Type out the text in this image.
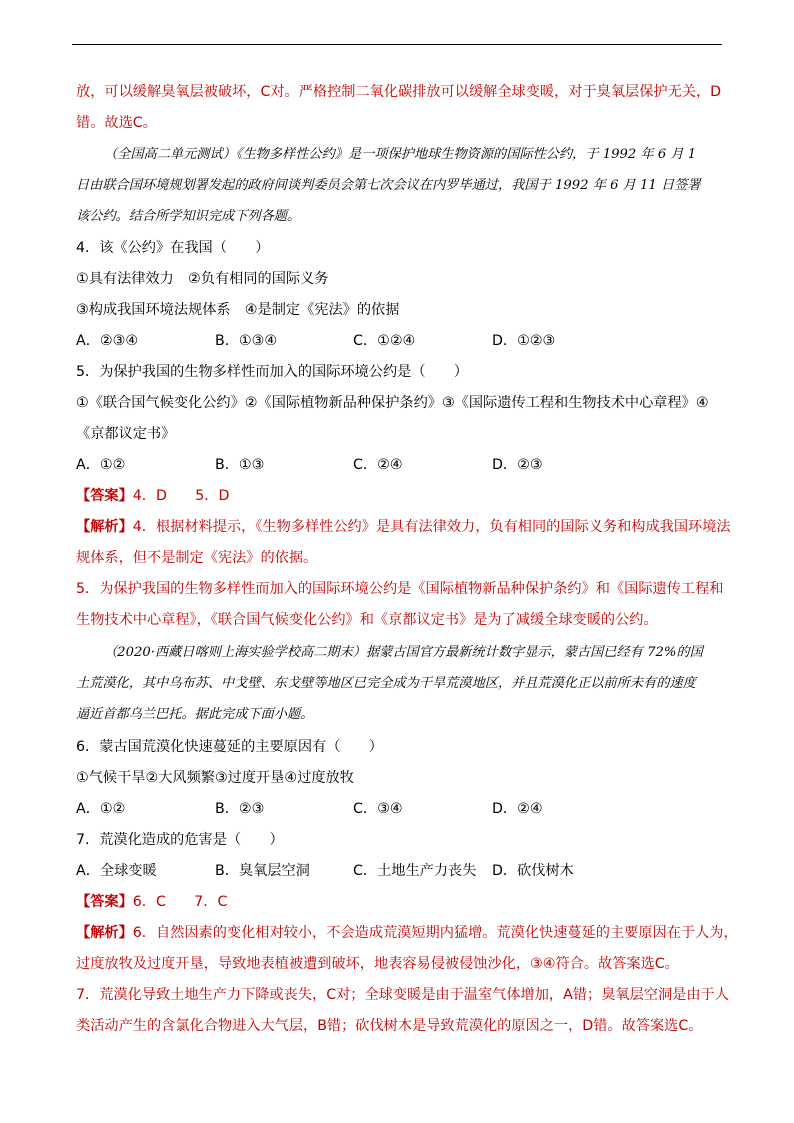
放，可以缓解臭氧层被破坏，C对。严格控制二氧化碳排放可以缓解全球变暖，对于臭氧层保护无关，D
错。故选C。
（全国高二单元测试）《生物多样性公约》是一项保护地球生物资源的国际性公约，于 1992 年 6 月 1
日由联合国环境规划署发起的政府间谈判委员会第七次会议在内罗毕通过，我国于 1992 年 6 月 11 日签署
该公约。结合所学知识完成下列各题。
4．该《公约》在我国（　　）
①具有法律效力　②负有相同的国际义务
③构成我国环境法规体系　④是制定《宪法》的依据
A．②③④	B．①③④	C．①②④	D．①②③
5．为保护我国的生物多样性而加入的国际环境公约是（　　）
①《联合国气候变化公约》②《国际植物新品种保护条约》③《国际遗传工程和生物技术中心章程》④
《京都议定书》
A．①②	B．①③	C．②④	D．②③
【答案】4．D　　5．D
【解析】4．根据材料提示，《生物多样性公约》是具有法律效力，负有相同的国际义务和构成我国环境法
规体系，但不是制定《宪法》的依据。
5．为保护我国的生物多样性而加入的国际环境公约是《国际植物新品种保护条约》和《国际遗传工程和
生物技术中心章程》，《联合国气候变化公约》和《京都议定书》是为了减缓全球变暖的公约。
（2020·西藏日喀则上海实验学校高二期末）据蒙古国官方最新统计数字显示，蒙古国已经有 72%的国
土荒漠化，其中乌布苏、中戈壁、东戈壁等地区已完全成为干旱荒漠地区，并且荒漠化正以前所未有的速度
逼近首都乌兰巴托。据此完成下面小题。
6．蒙古国荒漠化快速蔓延的主要原因有（　　）
①气候干旱②大风频繁③过度开垦④过度放牧
A．①②	B．②③	C．③④	D．②④
7．荒漠化造成的危害是（　　）
A．全球变暖	B．臭氧层空洞	C．土地生产力丧失 D．砍伐树木
【答案】6．C　　7．C
【解析】6．自然因素的变化相对较小，不会造成荒漠短期内猛增。荒漠化快速蔓延的主要原因在于人为，
过度放牧及过度开垦，导致地表植被遭到破坏，地表容易侵被侵蚀沙化，③④符合。故答案选C。
7．荒漠化导致土地生产力下降或丧失，C对；全球变暖是由于温室气体增加，A错；臭氧层空洞是由于人
类活动产生的含氯化合物进入大气层，B错；砍伐树木是导致荒漠化的原因之一，D错。故答案选C。
